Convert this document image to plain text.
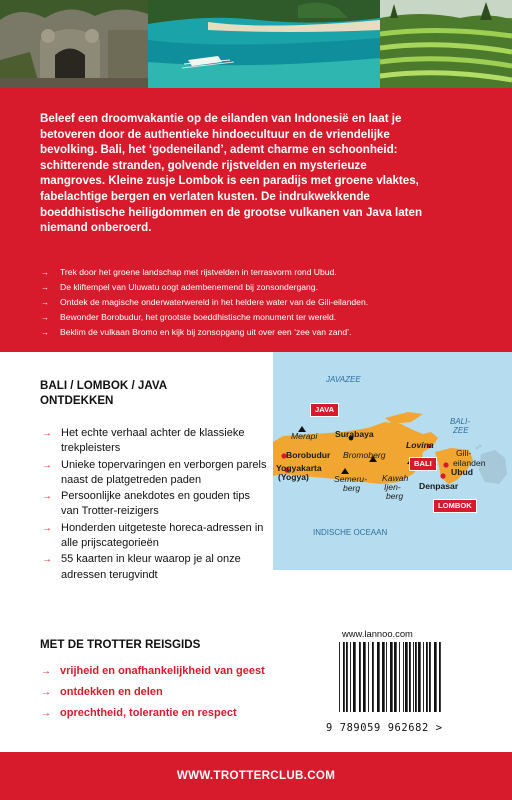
Beleef een droomvakantie op de eilanden van Indonesië en laat je

betoveren door de authentieke hindoecultuur en de vriendelijke

bevolking. Bali, het ‘godeneiland’, ademt charme en schoonheid:

schitterende stranden, golvende rijstvelden en mysterieuze

mangroves. Kleine zusje Lombok is een paradijs met groene vlaktes,

fabelachtige bergen en verlaten kusten. De indrukwekkende

boeddhistische heiligdommen en de grootse vulkanen van Java laten

niemand onberoerd.

→ Trek door het groene landschap met rijstvelden in terrasvorm rond Ubud.
→ De kliftempel van Uluwatu oogt adembenemend bij zonsondergang.
→ Ontdek de magische onderwaterwereld in het heldere water van de Gili-eilanden.
→ Bewonder Borobudur, het grootste boeddhistische monument ter wereld.
→ Beklim de vulkaan Bromo en kijk bij zonsopgang uit over een ‘zee van zand’.
BALI / LOMBOK / JAVA
ONTDEKKEN
→ Het echte verhaal achter de klassieke trekpleisters
→ Unieke topervaringen en verborgen parels naast de platgetreden paden
→ Persoonlijke anekdotes en gouden tips van Trotter-reizigers
→ Honderden uitgeteste horeca-adressen in alle prijscategorieën
→ 55 kaarten in kleur waarop je al onze adressen terugvindt
JAVAZEE
BALI-
ZEE
INDISCHE OCEAAN
JAVA
BALI
LOMBOK
Merapi Surabaya
Borobudur
Yogyakarta
(Yogya)
Bromoberg
Semeru-
berg
Kawah
Ijen-
berg
Lovina
Gili-
eilanden
Ubud
Denpasar
MET DE TROTTER REISGIDS
→ vrijheid en onafhankelijkheid van geest
→ ontdekken en delen
→ oprechtheid, tolerantie en respect
www.lannoo.com
9 789059 962682 >
WWW.TROTTERCLUB.COM
